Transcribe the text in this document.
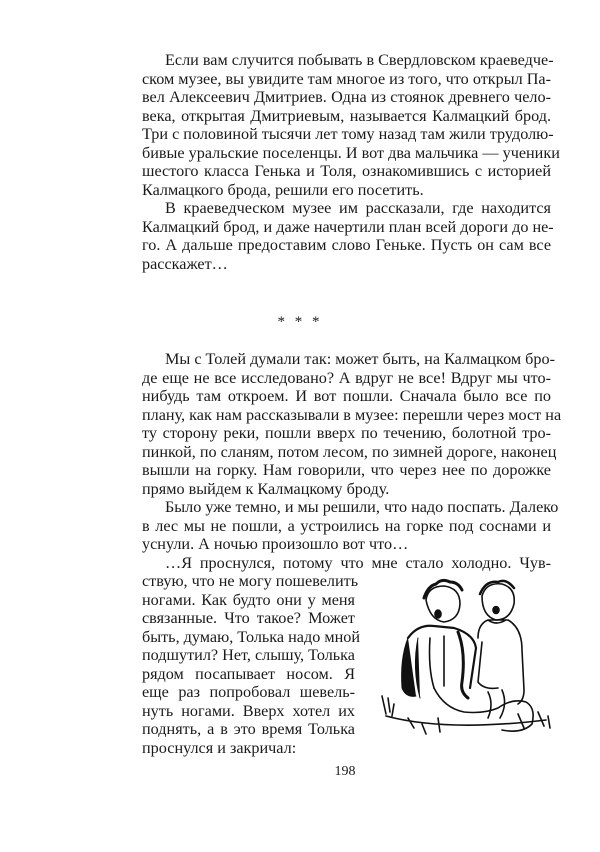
Если вам случится побывать в Свердловском краеведче-
ском музее, вы увидите там многое из того, что открыл Па-
вел Алексеевич Дмитриев. Одна из стоянок древнего чело-
века, открытая Дмитриевым, называется Калмацкий брод.
Три с половиной тысячи лет тому назад там жили трудолю-
бивые уральские поселенцы. И вот два мальчика — ученики
шестого класса Генька и Толя, ознакомившись с историей
Калмацкого брода, решили его посетить.
В краеведческом музее им рассказали, где находится
Калмацкий брод, и даже начертили план всей дороги до не-
го. А дальше предоставим слово Геньке. Пусть он сам все
расскажет…
Мы с Толей думали так: может быть, на Калмацком бро-
де еще не все исследовано? А вдруг не все! Вдруг мы что-
нибудь там откроем. И вот пошли. Сначала было все по
плану, как нам рассказывали в музее: перешли через мост на
ту сторону реки, пошли вверх по течению, болотной тро-
пинкой, по сланям, потом лесом, по зимней дороге, наконец
вышли на горку. Нам говорили, что через нее по дорожке
прямо выйдем к Калмацкому броду.
Было уже темно, и мы решили, что надо поспать. Далеко
в лес мы не пошли, а устроились на горке под соснами и
уснули. А ночью произошло вот что…
…Я проснулся, потому что мне стало холодно. Чув-
ствую, что не могу пошевелить
ногами. Как будто они у меня
связанные. Что такое? Может
быть, думаю, Толька надо мной
подшутил? Нет, слышу, Толька
рядом посапывает носом. Я
еще раз попробовал шевель-
нуть ногами. Вверх хотел их
поднять, а в это время Толька
проснулся и закричал:
* * *
198
